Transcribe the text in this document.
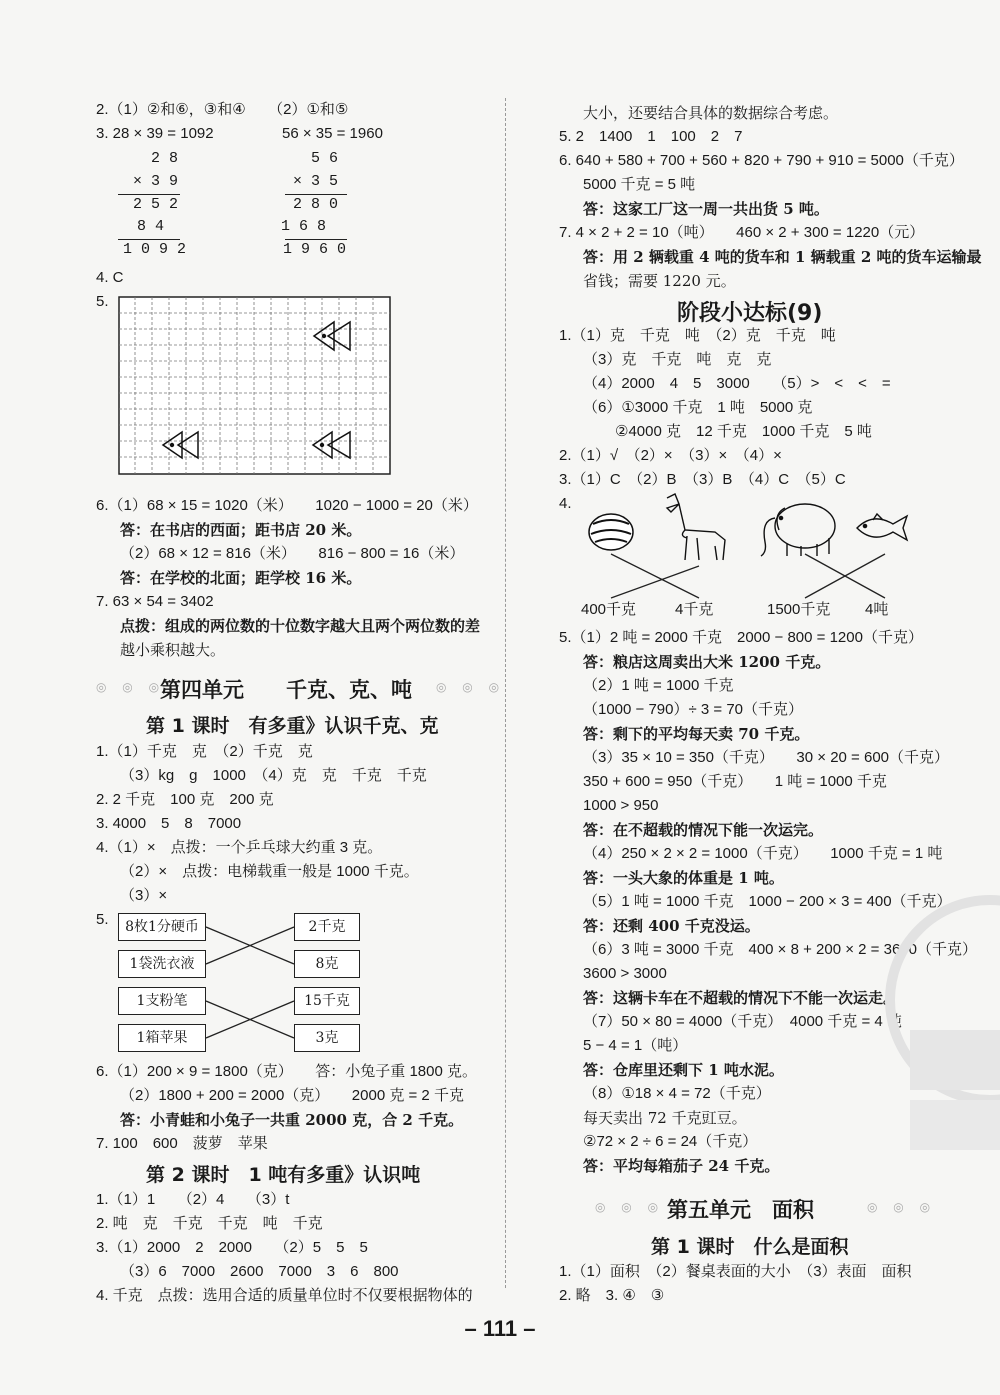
2.（1）②和⑥，③和④　　（2）①和⑤
3. 28 × 39 = 1092	56 × 35 = 1960
2 8
× 3 9
2 5 2
8 4
1 0 9 2
5 6
× 3 5
2 8 0
1 6 8
1 9 6 0
4. C
5.
6.（1）68 × 15 = 1020（米）　　1020 − 1000 = 20（米）
答：在书店的西面；距书店 20 米。
（2）68 × 12 = 816（米）　　816 − 800 = 16（米）
答：在学校的北面；距学校 16 米。
7. 63 × 54 = 3402
点拨：组成的两位数的十位数字越大且两个两位数的差
越小乘积越大。
◎ ◎ ◎
第四单元　　千克、克、吨 ◎ ◎ ◎
第 1 课时　有多重》认识千克、克
1.（1）千克　克　（2）千克　克
（3）kg　g　1000　（4）克　克　千克　千克
2. 2 千克　100 克　200 克
3. 4000　5　8　7000
4.（1）×　点拨：一个乒乓球大约重 3 克。
（2）×　点拨：电梯载重一般是 1000 千克。
（3）×
5.	8枚1分硬币
1袋洗衣液
1支粉笔
1箱苹果
2千克
8克
15千克
3克
6.（1）200 × 9 = 1800（克）　　答：小兔子重 1800 克。
（2）1800 + 200 = 2000（克）　　2000 克 = 2 千克
答：小青蛙和小兔子一共重 2000 克，合 2 千克。
7. 100　600　菠萝　苹果
第 2 课时　1 吨有多重》认识吨
1.（1）1　　（2）4　　（3）t
2. 吨　克　千克　千克　吨　千克
3.（1）2000　2　2000　　（2）5　5　5
（3）6　7000　2600　7000　3　6　800
4. 千克　点拨：选用合适的质量单位时不仅要根据物体的
大小，还要结合具体的数据综合考虑。
5. 2　1400　1　100　2　7
6. 640 + 580 + 700 + 560 + 820 + 790 + 910 = 5000（千克）
5000 千克 = 5 吨
答：这家工厂这一周一共出货 5 吨。
7. 4 × 2 + 2 = 10（吨）　　460 × 2 + 300 = 1220（元）
答：用 2 辆载重 4 吨的货车和 1 辆载重 2 吨的货车运输最
省钱；需要 1220 元。
阶段小达标(9)
1.（1）克　千克　吨　（2）克　千克　吨
（3）克　千克　吨　克　克
（4）2000　4　5　3000　　（5）>　<　<　=
（6）①3000 千克　1 吨　5000 克
②4000 克　12 千克　1000 千克　5 吨
2.（1）√　（2）×　（3）×　（4）×
3.（1）C　（2）B　（3）B　（4）C　（5）C
4.
400千克	4千克	1500千克 4吨
5.（1）2 吨 = 2000 千克　2000 − 800 = 1200（千克）
答：粮店这周卖出大米 1200 千克。
（2）1 吨 = 1000 千克
（1000 − 790）÷ 3 = 70（千克）
答：剩下的平均每天卖 70 千克。
（3）35 × 10 = 350（千克）　　30 × 20 = 600（千克）
350 + 600 = 950（千克）　　1 吨 = 1000 千克
1000 > 950
答：在不超载的情况下能一次运完。
（4）250 × 2 × 2 = 1000（千克）　　1000 千克 = 1 吨
答：一头大象的体重是 1 吨。
（5）1 吨 = 1000 千克　1000 − 200 × 3 = 400（千克）
答：还剩 400 千克没运。
（6）3 吨 = 3000 千克　400 × 8 + 200 × 2 = 3600（千克）
3600 > 3000
答：这辆卡车在不超载的情况下不能一次运走。
（7）50 × 80 = 4000（千克）　4000 千克 = 4 吨
5 − 4 = 1（吨）
答：仓库里还剩下 1 吨水泥。
（8）①18 × 4 = 72（千克）
每天卖出 72 千克豇豆。
②72 × 2 ÷ 6 = 24（千克）
答：平均每箱茄子 24 千克。
◎ ◎ ◎ 第五单元　面积	◎ ◎ ◎
第 1 课时　什么是面积
1.（1）面积　（2）餐桌表面的大小　（3）表面　面积
2. 略　3. ④　③
– 111 –
